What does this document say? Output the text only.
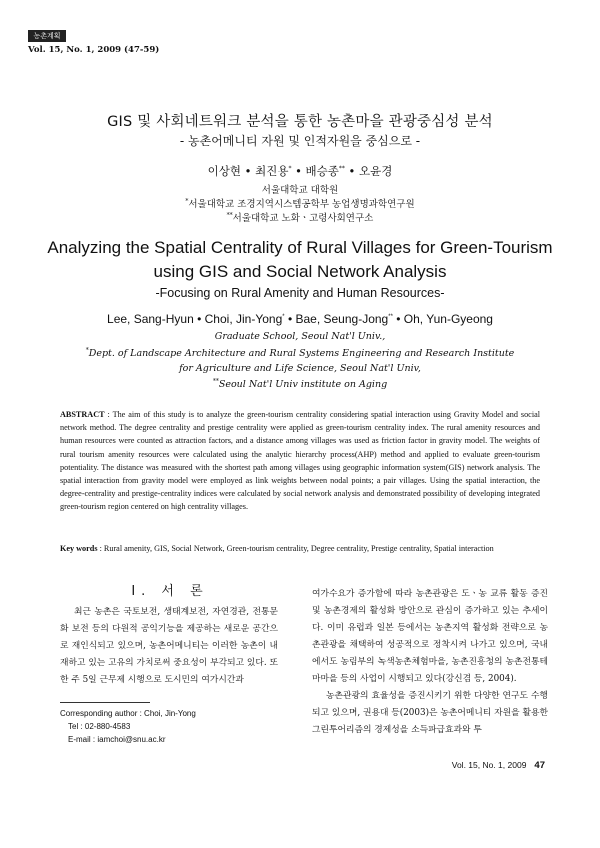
농촌계획
Vol. 15, No. 1, 2009 (47-59)
GIS 및 사회네트워크 분석을 통한 농촌마을 관광중심성 분석
- 농촌어메니티 자원 및 인적자원을 중심으로 -
이상현 • 최진용* • 배승종** • 오윤경
서울대학교 대학원
*서울대학교 조경지역시스템공학부 농업생명과학연구원
**서울대학교 노화ㆍ고령사회연구소
Analyzing the Spatial Centrality of Rural Villages for Green-Tourism
using GIS and Social Network Analysis
-Focusing on Rural Amenity and Human Resources-
Lee, Sang-Hyun • Choi, Jin-Yong* • Bae, Seung-Jong** • Oh, Yun-Gyeong
Graduate School, Seoul Nat'l Univ.,
*Dept. of Landscape Architecture and Rural Systems Engineering and Research Institute
for Agriculture and Life Science, Seoul Nat'l Univ,
**Seoul Nat'l Univ institute on Aging
ABSTRACT : The aim of this study is to analyze the green-tourism centrality considering spatial interaction using Gravity Model and social network method. The degree centrality and prestige centrality were applied as green-tourism centrality index. The rural amenity resources and human resources were counted as attraction factors, and a distance among villages was used as friction factor in gravity model. The weights of rural tourism amenity resources were calculated using the analytic hierarchy process(AHP) method and applied to evaluate green-tourism potentiality. The distance was measured with the shortest path among villages using geographic information system(GIS) network analysis. The spatial interaction from gravity model were employed as link weights between nodal points; a pair villages. Using the spatial interaction, the degree-centrality and prestige-centrality indices were calculated by social network analysis and demonstrated possibility of developing integrated green-tourism region centered on high centrality villages.
Key words : Rural amenity, GIS, Social Network, Green-tourism centrality, Degree centrality, Prestige centrality, Spatial interaction
I. 서 론
최근 농촌은 국토보전, 생태계보전, 자연경관, 전통문화 보전 등의 다원적 공익기능을 제공하는 새로운 공간으로 재인식되고 있으며, 농촌어메니티는 이러한 농촌이 내재하고 있는 고유의 가치로써 중요성이 부각되고 있다. 또한 주 5일 근무제 시행으로 도시민의 여가시간과
여가수요가 증가함에 따라 농촌관광은 도ㆍ농 교류 활동 증진 및 농촌경제의 활성화 방안으로 관심이 증가하고 있는 추세이다. 이미 유럽과 일본 등에서는 농촌지역 활성화 전략으로 농촌관광을 채택하여 성공적으로 정착시켜 나가고 있으며, 국내에서도 농림부의 녹색농촌체험마을, 농촌진흥청의 농촌전통테마마을 등의 사업이 시행되고 있다(강신겸 등, 2004).
농촌관광의 효율성을 증진시키기 위한 다양한 연구도 수행되고 있으며, 권용대 등(2003)은 농촌어메니티 자원을 활용한 그린투어리즘의 경제성을 소득파급효과와 투
Corresponding author : Choi, Jin-Yong
Tel : 02-880-4583
E-mail : iamchoi@snu.ac.kr
Vol. 15, No. 1, 2009 47
